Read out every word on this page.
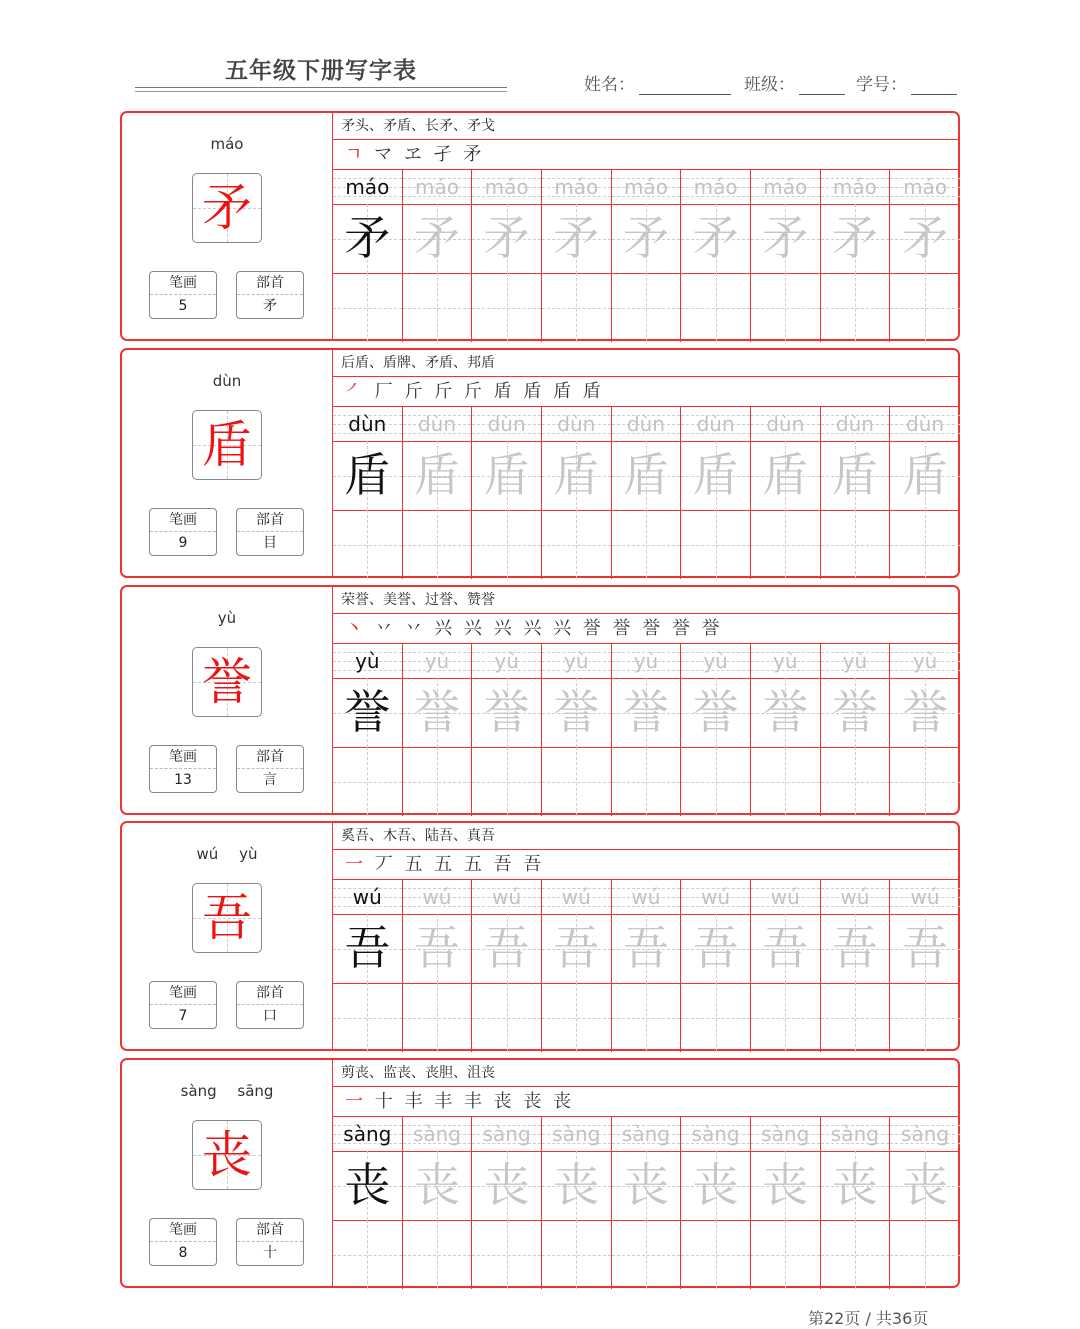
五年级下册写字表
姓名：	班级：	学号：
máo
矛
笔画
5
部首
矛
矛头、矛盾、长矛、矛戈
ㄱ マ ヱ 孑 矛
máo	máo	máo	máo	máo	máo	máo	máo	máo
矛 矛 矛 矛 矛 矛 矛 矛 矛
dùn
盾
笔画
9
部首
目
后盾、盾牌、矛盾、邦盾
㇒ 厂 斤 斤 斤 盾 盾 盾 盾
dùn	dùn	dùn	dùn	dùn	dùn	dùn	dùn	dùn
盾 盾 盾 盾 盾 盾 盾 盾 盾
yù
誉
笔画
13
部首
言
荣誉、美誉、过誉、赞誉
丶 丷 丷 兴 兴 兴 兴 兴 誉 誉 誉 誉 誉
yù	yù	yù	yù	yù	yù	yù	yù	yù
誉 誉 誉 誉 誉 誉 誉 誉 誉
wú yù
吾
笔画
7
部首
口
奚吾、木吾、陆吾、真吾
一 丆 五 五 五 吾 吾
wú	wú	wú	wú	wú	wú	wú	wú	wú
吾 吾 吾 吾 吾 吾 吾 吾 吾
sàng sāng
丧
笔画
8
部首
十
剪丧、监丧、丧胆、沮丧
一 十 丰 丰 丰 丧 丧 丧
sàng	sàng	sàng	sàng	sàng	sàng	sàng	sàng	sàng
丧 丧 丧 丧 丧 丧 丧 丧 丧
第22页 / 共36页
